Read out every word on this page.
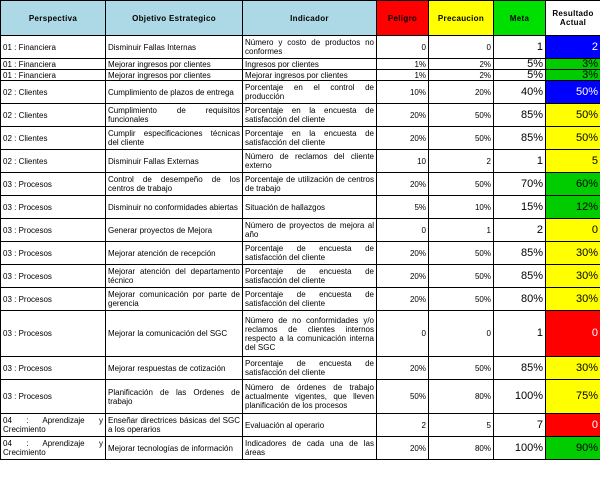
Perspectiva	Objetivo Estrategico	Indicador	Peligro	Precaucion	Meta	Resultado
Actual
01 : Financiera	Disminuir Fallas Internas	Número y costo de productos no conformes	0	0	1	2
01 : Financiera	Mejorar ingresos por clientes	Ingresos por clientes	1%	2%	5%	3%
01 : Financiera	Mejorar ingresos por clientes	Mejorar ingresos por clientes	1%	2%	5%	3%
02 : Clientes	Cumplimiento de plazos de entrega	Porcentaje en el control de producción	10%	20%	40%	50%
02 : Clientes	Cumplimiento de requisitos funcionales	Porcentaje en la encuesta de satisfacción del cliente	20%	50%	85%	50%
02 : Clientes	Cumplir especificaciones técnicas del cliente	Porcentaje en la encuesta de satisfacción del cliente	20%	50%	85%	50%
02 : Clientes	Disminuir Fallas Externas	Número de reclamos del cliente externo	10	2	1	5
03 : Procesos	Control de desempeño de los centros de trabajo	Porcentaje de utilización de centros de trabajo	20%	50%	70%	60%
03 : Procesos	Disminuir no conformidades abiertas	Situación de hallazgos	5%	10%	15%	12%
03 : Procesos	Generar proyectos de Mejora	Número de proyectos de mejora al año	0	1	2	0
03 : Procesos	Mejorar atención de recepción	Porcentaje de encuesta de satisfacción del cliente	20%	50%	85%	30%
03 : Procesos	Mejorar atención del departamento técnico	Porcentaje de encuesta de satisfacción del cliente	20%	50%	85%	30%
03 : Procesos	Mejorar comunicación por parte de gerencia	Porcentaje de encuesta de satisfacción del cliente	20%	50%	80%	30%
03 : Procesos	Mejorar la comunicación del SGC	Número de no conformidades y/o reclamos de clientes internos respecto a la comunicación interna del SGC	0	0	1	0
03 : Procesos	Mejorar respuestas de cotización	Porcentaje de encuesta de satisfacción del cliente	20%	50%	85%	30%
03 : Procesos	Planificación de las Ordenes de trabajo	Número de órdenes de trabajo actualmente vigentes, que lleven planificación de los procesos	50%	80%	100%	75%
04 : Aprendizaje y Crecimiento	Enseñar directrices básicas del SGC a los operarios	Evaluación al operario	2	5	7	0
04 : Aprendizaje y Crecimiento	Mejorar tecnologías de información	Indicadores de cada una de las áreas	20%	80%	100%	90%
